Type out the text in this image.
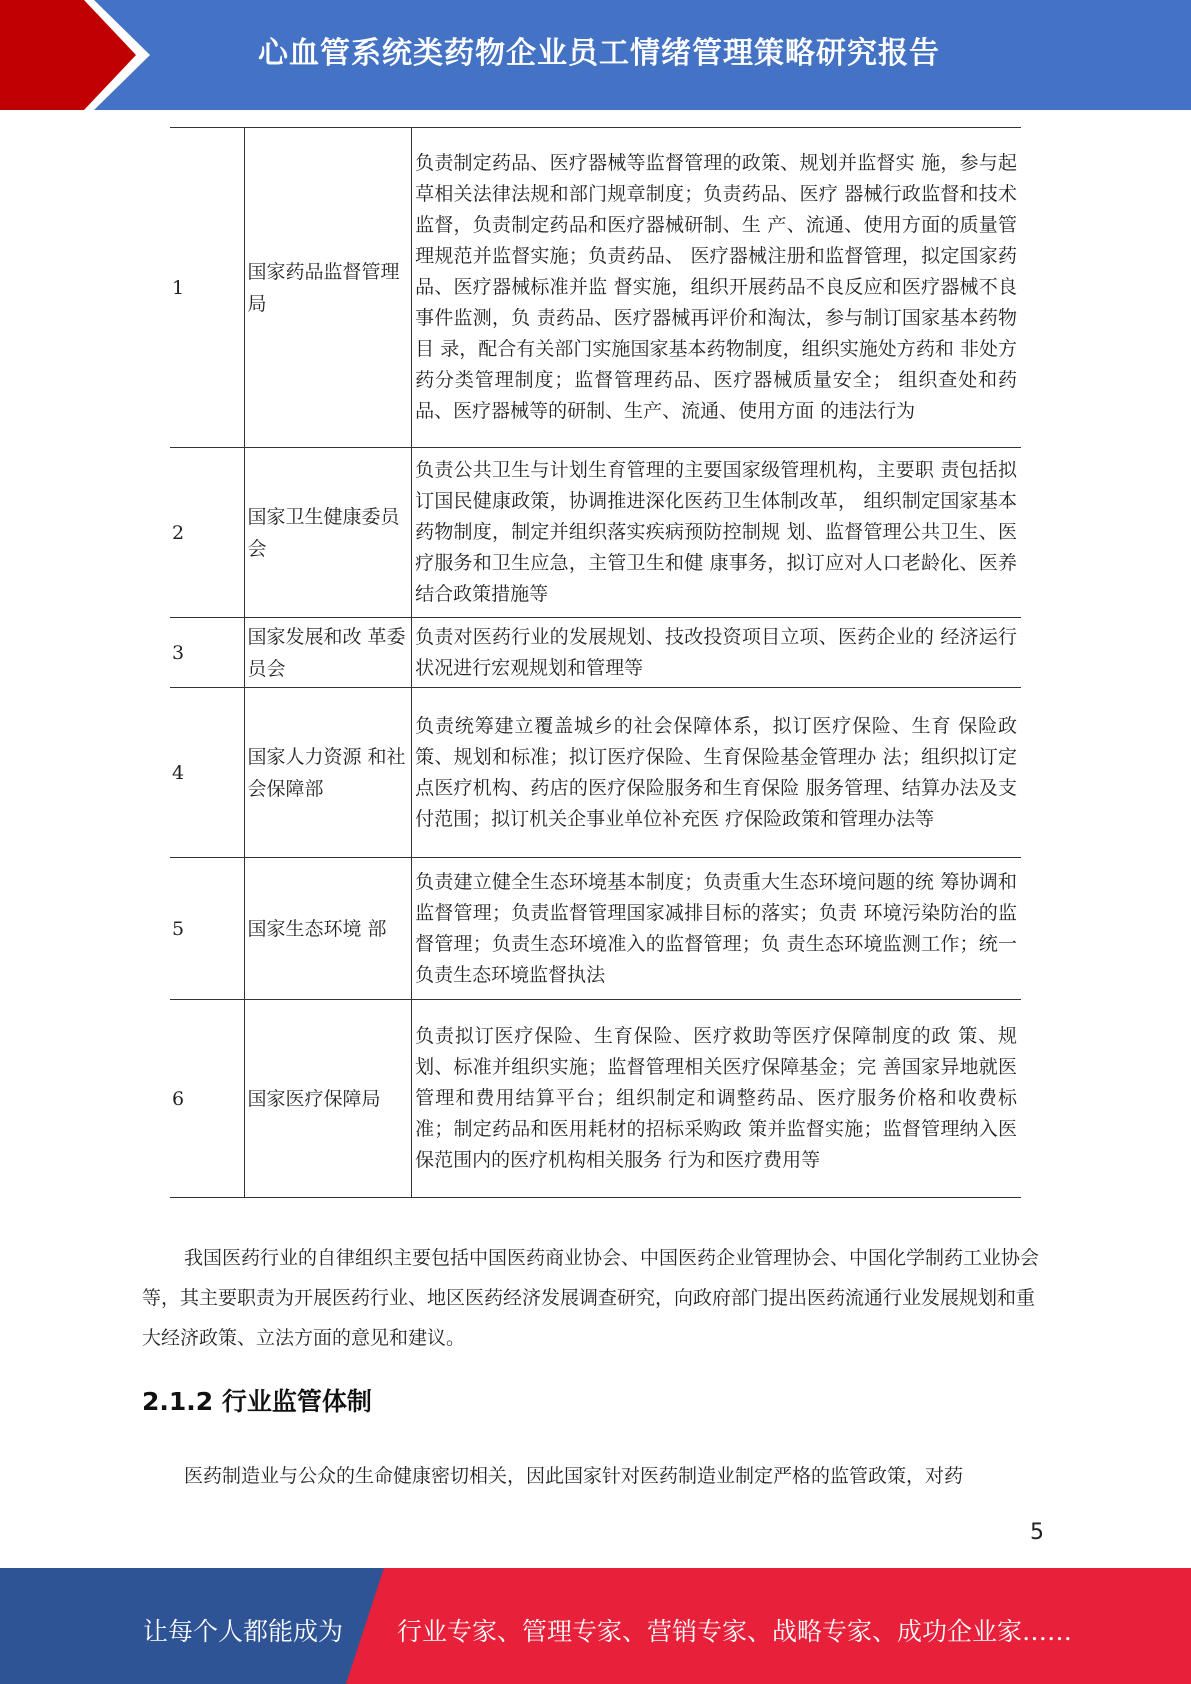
心血管系统类药物企业员工情绪管理策略研究报告
1	国家药品监督管理局	负责制定药品、医疗器械等监督管理的政策、规划并监督实 施，参与起草相关法律法规和部门规章制度；负责药品、医疗 器械行政监督和技术监督，负责制定药品和医疗器械研制、生 产、流通、使用方面的质量管理规范并监督实施；负责药品、 医疗器械注册和监督管理，拟定国家药品、医疗器械标准并监 督实施，组织开展药品不良反应和医疗器械不良事件监测，负 责药品、医疗器械再评价和淘汰，参与制订国家基本药物目 录，配合有关部门实施国家基本药物制度，组织实施处方药和 非处方药分类管理制度；监督管理药品、医疗器械质量安全； 组织查处和药品、医疗器械等的研制、生产、流通、使用方面 的违法行为
2	国家卫生健康委员会	负责公共卫生与计划生育管理的主要国家级管理机构，主要职 责包括拟订国民健康政策，协调推进深化医药卫生体制改革， 组织制定国家基本药物制度，制定并组织落实疾病预防控制规 划、监督管理公共卫生、医疗服务和卫生应急，主管卫生和健 康事务，拟订应对人口老龄化、医养结合政策措施等
3	国家发展和改 革委员会	负责对医药行业的发展规划、技改投资项目立项、医药企业的 经济运行状况进行宏观规划和管理等
4	国家人力资源 和社会保障部	负责统筹建立覆盖城乡的社会保障体系，拟订医疗保险、生育 保险政策、规划和标准；拟订医疗保险、生育保险基金管理办 法；组织拟订定点医疗机构、药店的医疗保险服务和生育保险 服务管理、结算办法及支付范围；拟订机关企事业单位补充医 疗保险政策和管理办法等
5	国家生态环境 部	负责建立健全生态环境基本制度；负责重大生态环境问题的统 筹协调和监督管理；负责监督管理国家减排目标的落实；负责 环境污染防治的监督管理；负责生态环境准入的监督管理；负 责生态环境监测工作；统一负责生态环境监督执法
6	国家医疗保障局	负责拟订医疗保险、生育保险、医疗救助等医疗保障制度的政 策、规划、标准并组织实施；监督管理相关医疗保障基金；完 善国家异地就医管理和费用结算平台；组织制定和调整药品、医疗服务价格和收费标准；制定药品和医用耗材的招标采购政 策并监督实施；监督管理纳入医保范围内的医疗机构相关服务 行为和医疗费用等

我国医药行业的自律组织主要包括中国医药商业协会、中国医药企业管理协会、中国化学制药工业协会等，其主要职责为开展医药行业、地区医药经济发展调查研究，向政府部门提出医药流通行业发展规划和重大经济政策、立法方面的意见和建议。

2.1.2 行业监管体制

医药制造业与公众的生命健康密切相关，因此国家针对医药制造业制定严格的监管政策，对药

5
让每个人都能成为 行业专家、管理专家、营销专家、战略专家、成功企业家……
